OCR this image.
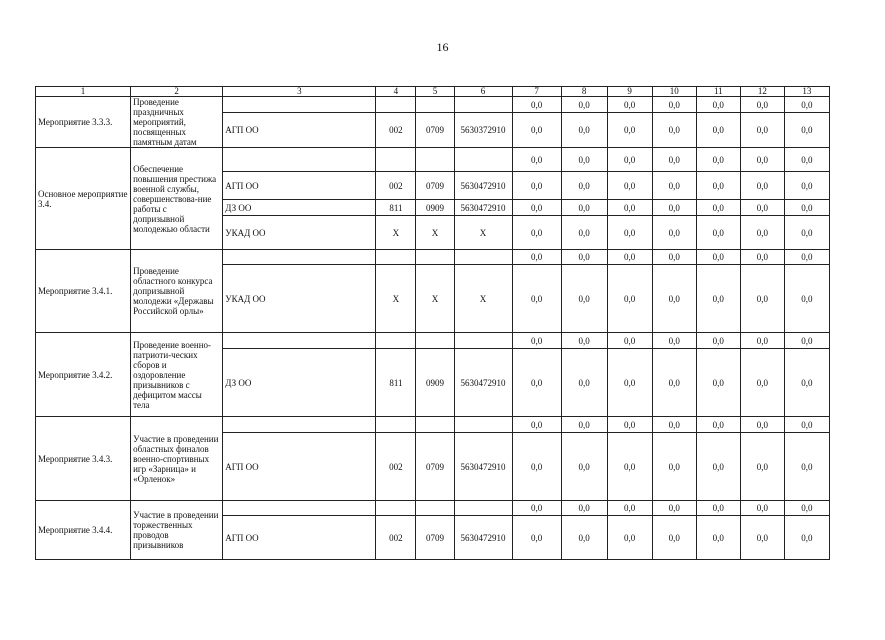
16
1	2	3	4	5	6	7	8	9	10	11	12	13
Мероприятие 3.3.3.	Проведение праздничных мероприятий, посвященных памятным датам					0,0	0,0	0,0	0,0	0,0	0,0	0,0
		АГП ОО	002	0709	5630372910	0,0	0,0	0,0	0,0	0,0	0,0	0,0
Основное мероприятие 3.4.	Обеспечение повышения престижа военной службы, совершенствова-ние работы с допризывной молодежью области					0,0	0,0	0,0	0,0	0,0	0,0	0,0
		АГП ОО	002	0709	5630472910	0,0	0,0	0,0	0,0	0,0	0,0	0,0
		ДЗ ОО	811	0909	5630472910	0,0	0,0	0,0	0,0	0,0	0,0	0,0
		УКАД ОО	Х	Х	Х	0,0	0,0	0,0	0,0	0,0	0,0	0,0
Мероприятие 3.4.1.	Проведение областного конкурса допризывной молодежи «Державы Российской орлы»					0,0	0,0	0,0	0,0	0,0	0,0	0,0
		УКАД ОО	Х	Х	Х	0,0	0,0	0,0	0,0	0,0	0,0	0,0
Мероприятие 3.4.2.	Проведение военно-патриоти-ческих сборов и оздоровление призывников с дефицитом массы тела					0,0	0,0	0,0	0,0	0,0	0,0	0,0
		ДЗ ОО	811	0909	5630472910	0,0	0,0	0,0	0,0	0,0	0,0	0,0
Мероприятие 3.4.3.	Участие в проведении областных финалов военно-спортивных игр «Зарница» и «Орленок»					0,0	0,0	0,0	0,0	0,0	0,0	0,0
		АГП ОО	002	0709	5630472910	0,0	0,0	0,0	0,0	0,0	0,0	0,0
Мероприятие 3.4.4.	Участие в проведении торжественных проводов призывников					0,0	0,0	0,0	0,0	0,0	0,0	0,0
		АГП ОО	002	0709	5630472910	0,0	0,0	0,0	0,0	0,0	0,0	0,0
